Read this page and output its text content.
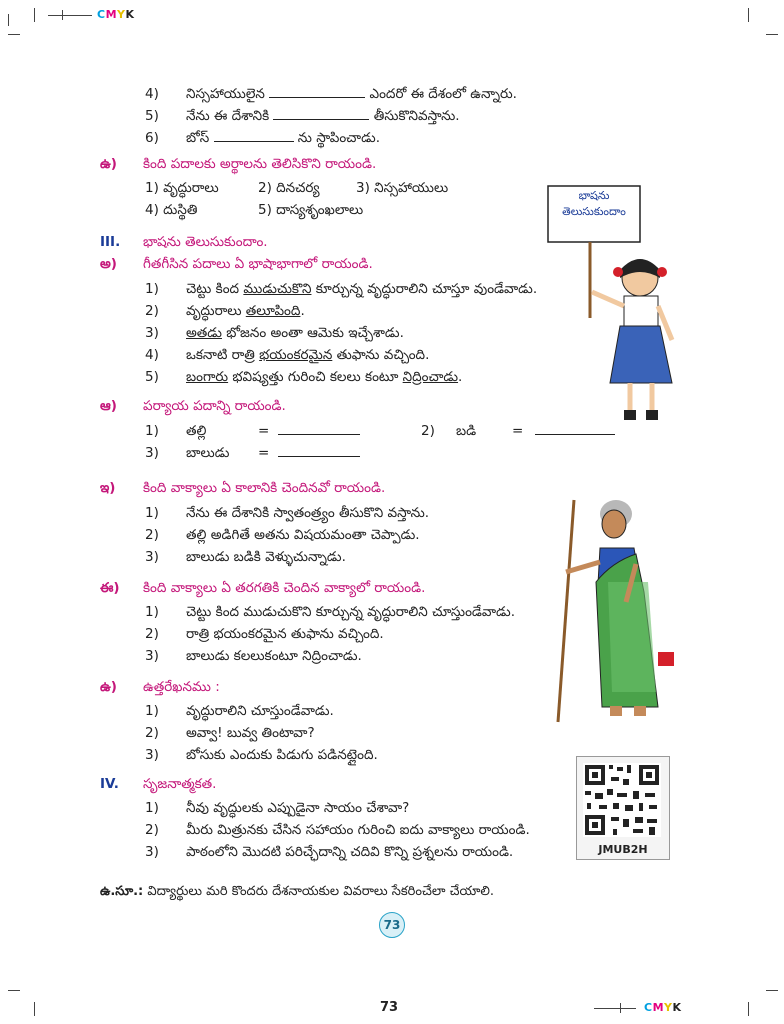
CMYK
CMYK
4)	నిస్సహాయులైన	ఎందరో ఈ దేశంలో ఉన్నారు.
5)	నేను ఈ దేశానికి	తీసుకొనివస్తాను.
6)	బోస్	ను స్థాపించాడు.
ఉ)	కింది పదాలకు అర్థాలను తెలిసికొని రాయండి.
1) వృద్ధురాలు	2) దినచర్య	3) నిస్సహాయులు
4) దుస్థితి	5) దాస్యశృంఖలాలు
భాషను
తెలుసుకుందాం
III.	భాషను తెలుసుకుందాం.
అ)	గీతగీసిన పదాలు ఏ భాషాభాగాలో రాయండి.
1)	చెట్టు కింద ముడుచుకొని కూర్చున్న వృద్ధురాలిని చూస్తూ వుండేవాడు.
2)	వృద్ధురాలు తలూపింది.
3)	అతడు భోజనం అంతా ఆమెకు ఇచ్చేశాడు.
4)	ఒకనాటి రాత్రి భయంకరమైన తుఫాను వచ్చింది.
5)	బంగారు భవిష్యత్తు గురించి కలలు కంటూ నిద్రించాడు.
ఆ)	పర్యాయ పదాన్ని రాయండి.
1)	తల్లి	=	2)	బడి	=
3)	బాలుడు =
ఇ)	కింది వాక్యాలు ఏ కాలానికి చెందినవో రాయండి.
1)	నేను ఈ దేశానికి స్వాతంత్ర్యం తీసుకొని వస్తాను.
2)	తల్లి అడిగితే అతను విషయమంతా చెప్పాడు.
3)	బాలుడు బడికి వెళ్ళుచున్నాడు.
ఈ)	కింది వాక్యాలు ఏ తరగతికి చెందిన వాక్యాలో రాయండి.
1)	చెట్టు కింద ముడుచుకొని కూర్చున్న వృద్ధురాలిని చూస్తుండేవాడు.
2)	రాత్రి భయంకరమైన తుఫాను వచ్చింది.
3)	బాలుడు కలలుకంటూ నిద్రించాడు.
ఉ)	ఉత్తరేఖనము :
1)	వృద్ధురాలిని చూస్తుండేవాడు.
2)	అవ్వా! బువ్వ తింటావా?
3)	బోసుకు ఎందుకు పిడుగు పడినట్లైంది.
IV.	సృజనాత్మకత.
1)	నీవు వృద్ధులకు ఎప్పుడైనా సాయం చేశావా?
2)	మీరు మిత్రునకు చేసిన సహాయం గురించి ఐదు వాక్యాలు రాయండి.
3)	పాఠంలోని మొదటి పరిచ్ఛేదాన్ని చదివి కొన్ని ప్రశ్నలను రాయండి.	JMUB2H
ఉ.సూ.: విద్యార్థులు మరి కొందరు దేశనాయకుల వివరాలు సేకరించేలా చేయాలి.
73
73
